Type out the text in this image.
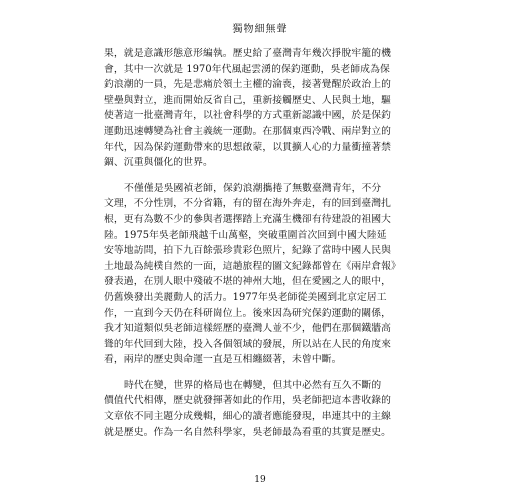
獨物細無聲
果，就是意識形態意形編執。歷史給了臺灣青年幾次掙脫牢籠的機
會，其中一次就是 1970年代風起雲湧的保釣運動，吳老師成為保
釣浪潮的一員，先是悲痛於領土主權的淪喪，接著覺醒於政治上的
壁壘與對立，進而開始反省自己，重新接觸歷史、人民與土地，驅
使著這一批臺灣青年，以社會科學的方式重新認識中國，於是保釣
運動迅速轉變為社會主義統一運動。在那個東西冷戰、兩岸對立的
年代，因為保釣運動帶來的思想啟蒙，以貫擴人心的力量衝撞著禁
錮、沉重與僵化的世界。
不僅僅是吳國禎老師，保釣浪潮攜捲了無數臺灣青年，不分
文理，不分性別，不分省籍，有的留在海外奔走，有的回到臺灣扎
根，更有為數不少的參與者選擇踏上充滿生機卻有待建設的祖國大
陸。1975年吳老師飛越千山萬壑，突破重圍首次回到中國大陸延
安等地訪問，拍下九百餘張珍貴彩色照片，紀錄了當時中國人民與
土地最為純樸自然的一面，這趟旅程的圖文紀錄都曾在《兩岸倉報》
發表過，在別人眼中殘破不堪的神州大地，但在愛國之人的眼中，
仍舊煥發出美麗動人的活力。1977年吳老師從美國到北京定居工
作，一直到今天仍在科研崗位上。後來因為研究保釣運動的關係，
我才知道類似吳老師這樣經歷的臺灣人並不少，他們在那個鐵牆高
聳的年代回到大陸，投入各個領域的發展，所以站在人民的角度來
看，兩岸的歷史與命運一直是互相纏綴著，未曾中斷。
時代在變，世界的格局也在轉變，但其中必然有互久不斷的
價值代代相傳，歷史就發揮著如此的作用，吳老師把這本書收錄的
文章依不同主題分成幾輯，細心的讀者應能發現，串連其中的主線
就是歷史。作為一名自然科學家，吳老師最為看重的其實是歷史。
19
